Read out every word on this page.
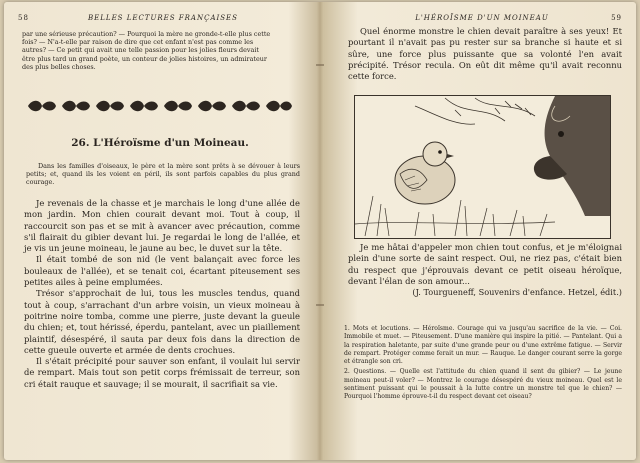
58	BELLES LECTURES FRANÇAISES
par une sérieuse précaution? — Pourquoi la mère ne gronde-t-elle plus cette
fois? — N'a-t-elle par raison de dire que cet enfant n'est pas comme les
autres? — Ce petit qui avait une telle passion pour les jolies fleurs devait
être plus tard un grand poète, un conteur de jolies histoires, un admirateur
des plus belles choses.
26. L'Héroïsme d'un Moineau.

Dans les familles d'oiseaux, le père et la mère sont prêts à se dévouer à leurs petits; et, quand ils les voient en péril, ils sont parfois capables du plus grand courage.

Je revenais de la chasse et je marchais le long d'une allée de mon jardin. Mon chien courait devant moi. Tout à coup, il raccourcit son pas et se mit à avancer avec précaution, comme s'il flairait du gibier devant lui. Je regardai le long de l'allée, et je vis un jeune moineau, le jaune au bec, le duvet sur la tête.

Il était tombé de son nid (le vent balançait avec force les bouleaux de l'allée), et se tenait coi, écartant piteusement ses petites ailes à peine emplumées.

Trésor s'approchait de lui, tous les muscles tendus, quand tout à coup, s'arrachant d'un arbre voisin, un vieux moineau à poitrine noire tomba, comme une pierre, juste devant la gueule du chien; et, tout hérissé, éperdu, pantelant, avec un piaillement plaintif, désespéré, il sauta par deux fois dans la direction de cette gueule ouverte et armée de dents crochues.

Il s'était précipité pour sauver son enfant, il voulait lui servir de rempart. Mais tout son petit corps frémissait de terreur, son cri était rauque et sauvage; il se mourait, il sacrifiait sa vie.

L'HÉROÏSME D'UN MOINEAU	59

Quel énorme monstre le chien devait paraître à ses yeux! Et pourtant il n'avait pas pu rester sur sa branche si haute et si sûre, une force plus puissante que sa volonté l'en avait précipité. Trésor recula. On eût dit même qu'il avait reconnu cette force.

Je me hâtai d'appeler mon chien tout confus, et je m'éloignai plein d'une sorte de saint respect. Oui, ne riez pas, c'était bien du respect que j'éprouvais devant ce petit oiseau héroïque, devant l'élan de son amour...

(J. Tourgueneff, Souvenirs d'enfance. Hetzel, édit.)

1. Mots et locutions. — Héroïsme. Courage qui va jusqu'au sacrifice de la vie. — Coi. Immobile et muet. — Piteusement. D'une manière qui inspire la pitié. — Pantelant. Qui a la respiration haletante, par suite d'une grande peur ou d'une extrême fatigue. — Servir de rempart. Protéger comme ferait un mur. — Rauque. Le danger courant serre la gorge et étrangle son cri.

2. Questions. — Quelle est l'attitude du chien quand il sent du gibier? — Le jeune moineau peut-il voler? — Montrez le courage désespéré du vieux moineau. Quel est le sentiment puissant qui le poussait à la lutte contre un monstre tel que le chien? — Pourquoi l'homme éprouve-t-il du respect devant cet oiseau?
